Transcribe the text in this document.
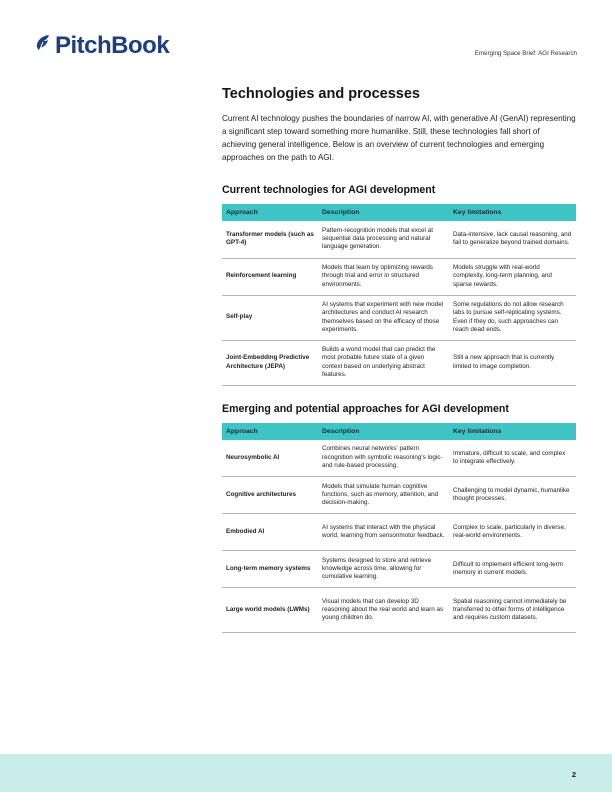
PitchBook	Emerging Space Brief: AGI Research
Technologies and processes

Current AI technology pushes the boundaries of narrow AI, with generative AI (GenAI) representing a significant step toward something more humanlike. Still, these technologies fall short of achieving general intelligence. Below is an overview of current technologies and emerging approaches on the path to AGI.

Current technologies for AGI development
Approach	Description	Key limitations
Transformer models (such as GPT-4)	Pattern-recognition models that excel at sequential data processing and natural language generation.	Data-intensive, lack causal reasoning, and fail to generalize beyond trained domains.
Reinforcement learning	Models that learn by optimizing rewards through trial and error in structured environments.	Models struggle with real-world complexity, long-term planning, and sparse rewards.
Self-play	AI systems that experiment with new model architectures and conduct AI research themselves based on the efficacy of those experiments.	Some regulations do not allow research labs to pursue self-replicating systems. Even if they do, such approaches can reach dead ends.
Joint-Embedding Predictive Architecture (JEPA)	Builds a world model that can predict the most probable future state of a given context based on underlying abstract features.	Still a new approach that is currently limited to image completion.
Emerging and potential approaches for AGI development
Approach	Description	Key limitations
Neurosymbolic AI	Combines neural networks' pattern recognition with symbolic reasoning's logic- and rule-based processing.	Immature, difficult to scale, and complex to integrate effectively.
Cognitive architectures	Models that simulate human cognitive functions, such as memory, attention, and decision-making.	Challenging to model dynamic, humanlike thought processes.
Embodied AI	AI systems that interact with the physical world, learning from sensorimotor feedback.	Complex to scale, particularly in diverse, real-world environments.
Long-term memory systems	Systems designed to store and retrieve knowledge across time, allowing for cumulative learning.	Difficult to implement efficient long-term memory in current models.
Large world models (LWMs)	Visual models that can develop 3D reasoning about the real world and learn as young children do.	Spatial reasoning cannot immediately be transferred to other forms of intelligence and requires custom datasets.
2
